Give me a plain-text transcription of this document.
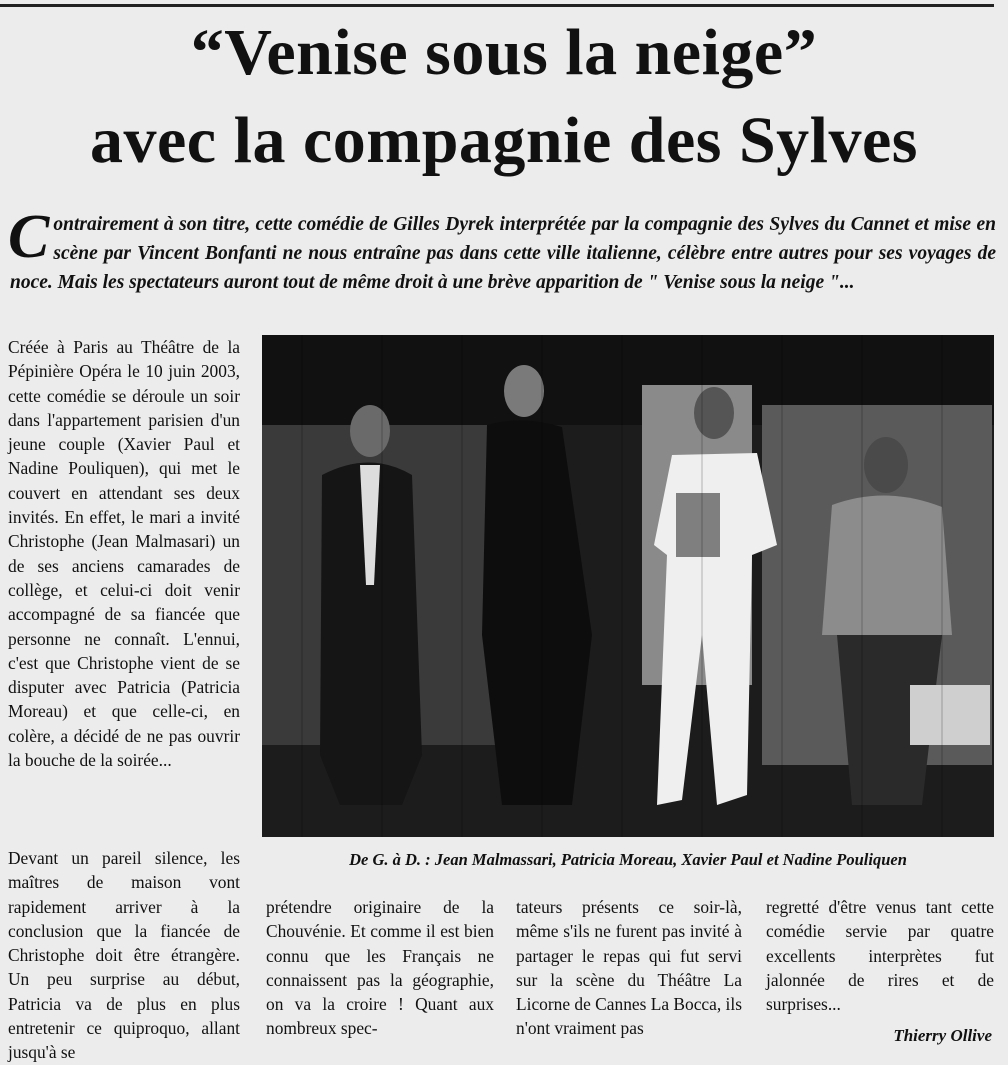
“Venise sous la neige”
avec la compagnie des Sylves
Contrairement à son titre, cette comédie de Gilles Dyrek interprétée par la compagnie des Sylves du Cannet et mise en scène par Vincent Bonfanti ne nous entraîne pas dans cette ville italienne, célèbre entre autres pour ses voyages de noce. Mais les spectateurs auront tout de même droit à une brève apparition de " Venise sous la neige "...

Créée à Paris au Théâtre de la Pépinière Opéra le 10 juin 2003, cette comédie se déroule un soir dans l'appartement parisien d'un jeune couple (Xavier Paul et Nadine Pouliquen), qui met le couvert en attendant ses deux invités. En effet, le mari a invité Christophe (Jean Malmasari) un de ses anciens camarades de collège, et celui-ci doit venir accompagné de sa fiancée que personne ne connaît. L'ennui, c'est que Christophe vient de se disputer avec Patricia (Patricia Moreau) et que celle-ci, en colère, a décidé de ne pas ouvrir la bouche de la soirée...

De G. à D. : Jean Malmassari, Patricia Moreau, Xavier Paul et Nadine Pouliquen

Devant un pareil silence, les maîtres de maison vont rapidement arriver à la conclusion que la fiancée de Christophe doit être étrangère. Un peu surprise au début, Patricia va de plus en plus entretenir ce quiproquo, allant jusqu'à se

prétendre originaire de la Chouvénie. Et comme il est bien connu que les Français ne connaissent pas la géographie, on va la croire ! Quant aux nombreux spec-

tateurs présents ce soir-là, même s'ils ne furent pas invité à partager le repas qui fut servi sur la scène du Théâtre La Licorne de Cannes La Bocca, ils n'ont vraiment pas

regretté d'être venus tant cette comédie servie par quatre excellents interprètes fut jalonnée de rires et de surprises...

Thierry Ollive
